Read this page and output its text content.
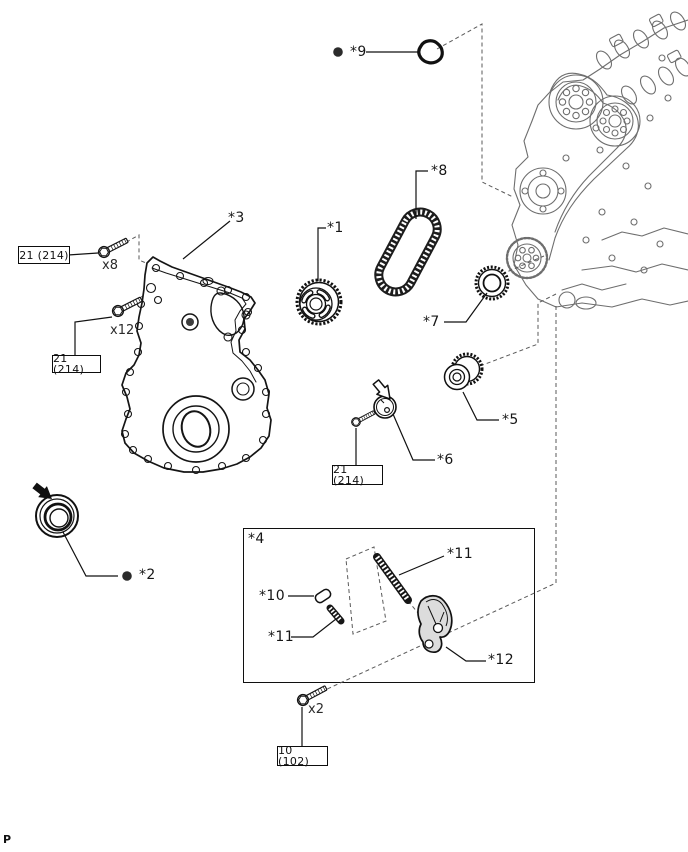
*1
*2
*3
*4
*5
*6
*7
*8
*9
*10
*11
*11
*12
21 (214)
21 (214)
21 (214)
10 (102)
x8
x12
x2
P
